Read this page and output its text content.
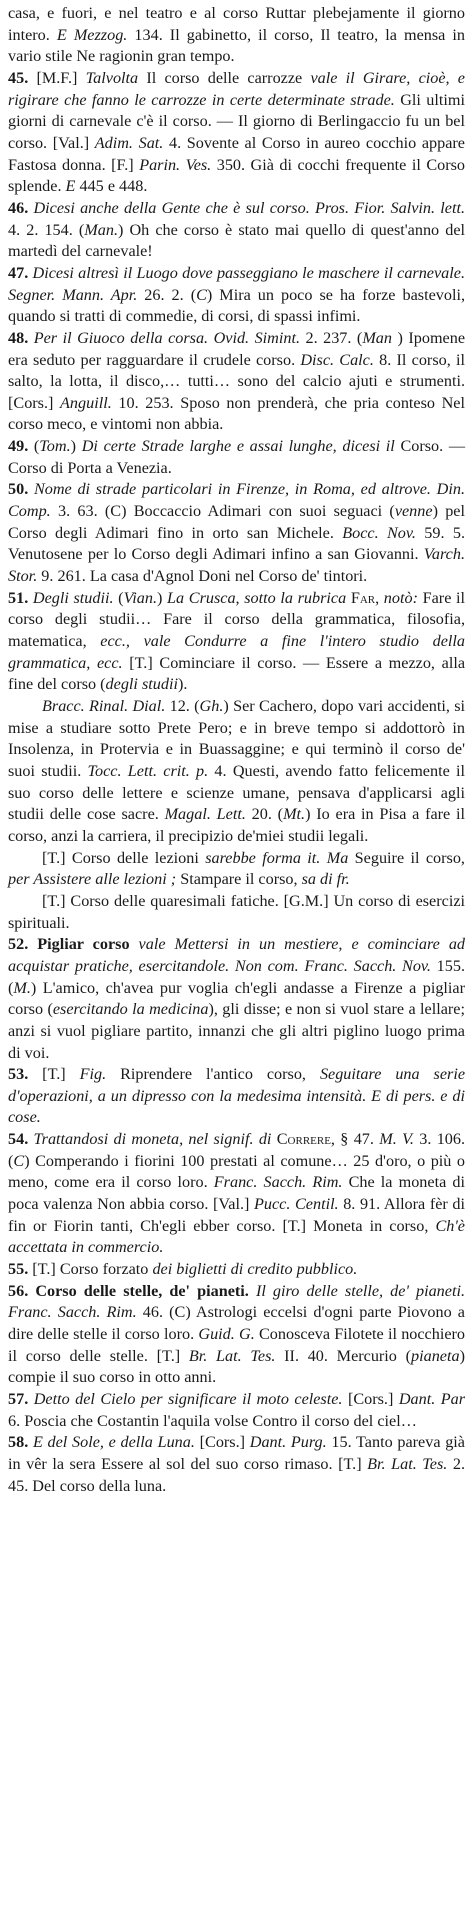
casa, e fuori, e nel teatro e al corso Ruttar plebejamente il giorno intero. E Mezzog. 134. Il gabinetto, il corso, Il teatro, la mensa in vario stile Ne ragionin gran tempo.

45. [M.F.] Talvolta Il corso delle carrozze vale il Girare, cioè, e rigirare che fanno le carrozze in certe determinate strade. Gli ultimi giorni di carnevale c'è il corso. — Il giorno di Berlingaccio fu un bel corso. [Val.] Adim. Sat. 4. Sovente al Corso in aureo cocchio appare Fastosa donna. [F.] Parin. Ves. 350. Già di cocchi frequente il Corso splende. E 445 e 448.

46. Dicesi anche della Gente che è sul corso. Pros. Fior. Salvin. lett. 4. 2. 154. (Man.) Oh che corso è stato mai quello di quest'anno del martedì del carnevale!

47. Dicesi altresì il Luogo dove passeggiano le maschere il carnevale. Segner. Mann. Apr. 26. 2. (C) Mira un poco se ha forze bastevoli, quando si tratti di commedie, di corsi, di spassi infimi.

48. Per il Giuoco della corsa. Ovid. Simint. 2. 237. (Man ) Ipomene era seduto per ragguardare il crudele corso. Disc. Calc. 8. Il corso, il salto, la lotta, il disco,… tutti… sono del calcio ajuti e strumenti. [Cors.] Anguill. 10. 253. Sposo non prenderà, che pria conteso Nel corso meco, e vintomi non abbia.

49. (Tom.) Di certe Strade larghe e assai lunghe, dicesi il Corso. — Corso di Porta a Venezia.

50. Nome di strade particolari in Firenze, in Roma, ed altrove. Din. Comp. 3. 63. (C) Boccaccio Adimari con suoi seguaci (venne) pel Corso degli Adimari fino in orto san Michele. Bocc. Nov. 59. 5. Venutosene per lo Corso degli Adimari infino a san Giovanni. Varch. Stor. 9. 261. La casa d'Agnol Doni nel Corso de' tintori.

51. Degli studii. (Vian.) La Crusca, sotto la rubrica Far, notò: Fare il corso degli studii… Fare il corso della grammatica, filosofia, matematica, ecc., vale Condurre a fine l'intero studio della grammatica, ecc. [T.] Cominciare il corso. — Essere a mezzo, alla fine del corso (degli studii).

Bracc. Rinal. Dial. 12. (Gh.) Ser Cachero, dopo vari accidenti, si mise a studiare sotto Prete Pero; e in breve tempo si addottorò in Insolenza, in Protervia e in Buassaggine; e qui terminò il corso de' suoi studii. Tocc. Lett. crit. p. 4. Questi, avendo fatto felicemente il suo corso delle lettere e scienze umane, pensava d'applicarsi agli studii delle cose sacre. Magal. Lett. 20. (Mt.) Io era in Pisa a fare il corso, anzi la carriera, il precipizio de'miei studii legali.

[T.] Corso delle lezioni sarebbe forma it. Ma Seguire il corso, per Assistere alle lezioni ; Stampare il corso, sa di fr.

[T.] Corso delle quaresimali fatiche. [G.M.] Un corso di esercizi spirituali.

52. Pigliar corso vale Mettersi in un mestiere, e cominciare ad acquistar pratiche, esercitandole. Non com. Franc. Sacch. Nov. 155. (M.) L'amico, ch'avea pur voglia ch'egli andasse a Firenze a pigliar corso (esercitando la medicina), gli disse; e non si vuol stare a lellare; anzi si vuol pigliare partito, innanzi che gli altri piglino luogo prima di voi.

53. [T.] Fig. Riprendere l'antico corso, Seguitare una serie d'operazioni, a un dipresso con la medesima intensità. E di pers. e di cose.

54. Trattandosi di moneta, nel signif. di Correre, § 47. M. V. 3. 106. (C) Comperando i fiorini 100 prestati al comune… 25 d'oro, o più o meno, come era il corso loro. Franc. Sacch. Rim. Che la moneta di poca valenza Non abbia corso. [Val.] Pucc. Centil. 8. 91. Allora fèr di fin or Fiorin tanti, Ch'egli ebber corso. [T.] Moneta in corso, Ch'è accettata in commercio.

55. [T.] Corso forzato dei biglietti di credito pubblico.

56. Corso delle stelle, de' pianeti. Il giro delle stelle, de' pianeti. Franc. Sacch. Rim. 46. (C) Astrologi eccelsi d'ogni parte Piovono a dire delle stelle il corso loro. Guid. G. Conosceva Filotete il nocchiero il corso delle stelle. [T.] Br. Lat. Tes. II. 40. Mercurio (pianeta) compie il suo corso in otto anni.

57. Detto del Cielo per significare il moto celeste. [Cors.] Dant. Par 6. Poscia che Costantin l'aquila volse Contro il corso del ciel…

58. E del Sole, e della Luna. [Cors.] Dant. Purg. 15. Tanto pareva già in vêr la sera Essere al sol del suo corso rimaso. [T.] Br. Lat. Tes. 2. 45. Del corso della luna.
